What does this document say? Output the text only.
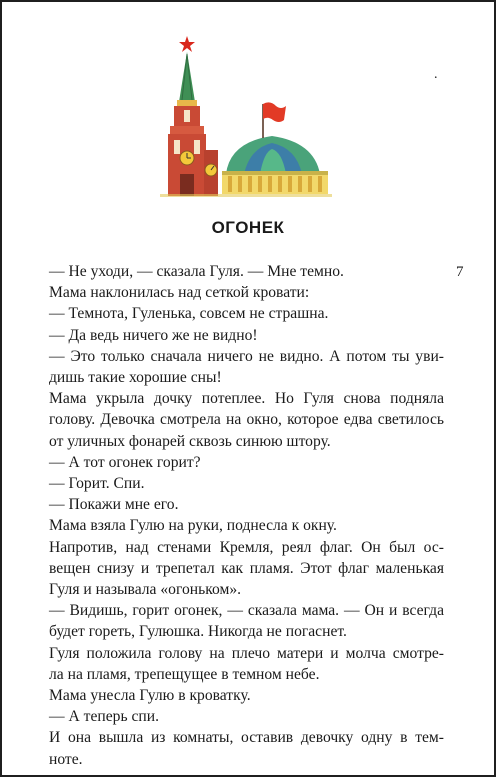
.
7
ОГОНЕК

— Не уходи, — сказала Гуля. — Мне темно.

Мама наклонилась над сеткой кровати:

— Темнота, Гуленька, совсем не страшна.

— Да ведь ничего же не видно!

— Это только сначала ничего не видно. А потом ты уви-

дишь такие хорошие сны!

Мама укрыла дочку потеплее. Но Гуля снова подняла

голову. Девочка смотрела на окно, которое едва светилось

от уличных фонарей сквозь синюю штору.

— А тот огонек горит?

— Горит. Спи.

— Покажи мне его.

Мама взяла Гулю на руки, поднесла к окну.

Напротив, над стенами Кремля, реял флаг. Он был ос-

вещен снизу и трепетал как пламя. Этот флаг маленькая

Гуля и называла «огоньком».

— Видишь, горит огонек, — сказала мама. — Он и всегда

будет гореть, Гулюшка. Никогда не погаснет.

Гуля положила голову на плечо матери и молча смотре-

ла на пламя, трепещущее в темном небе.

Мама унесла Гулю в кроватку.

— А теперь спи.

И она вышла из комнаты, оставив девочку одну в тем-

ноте.
